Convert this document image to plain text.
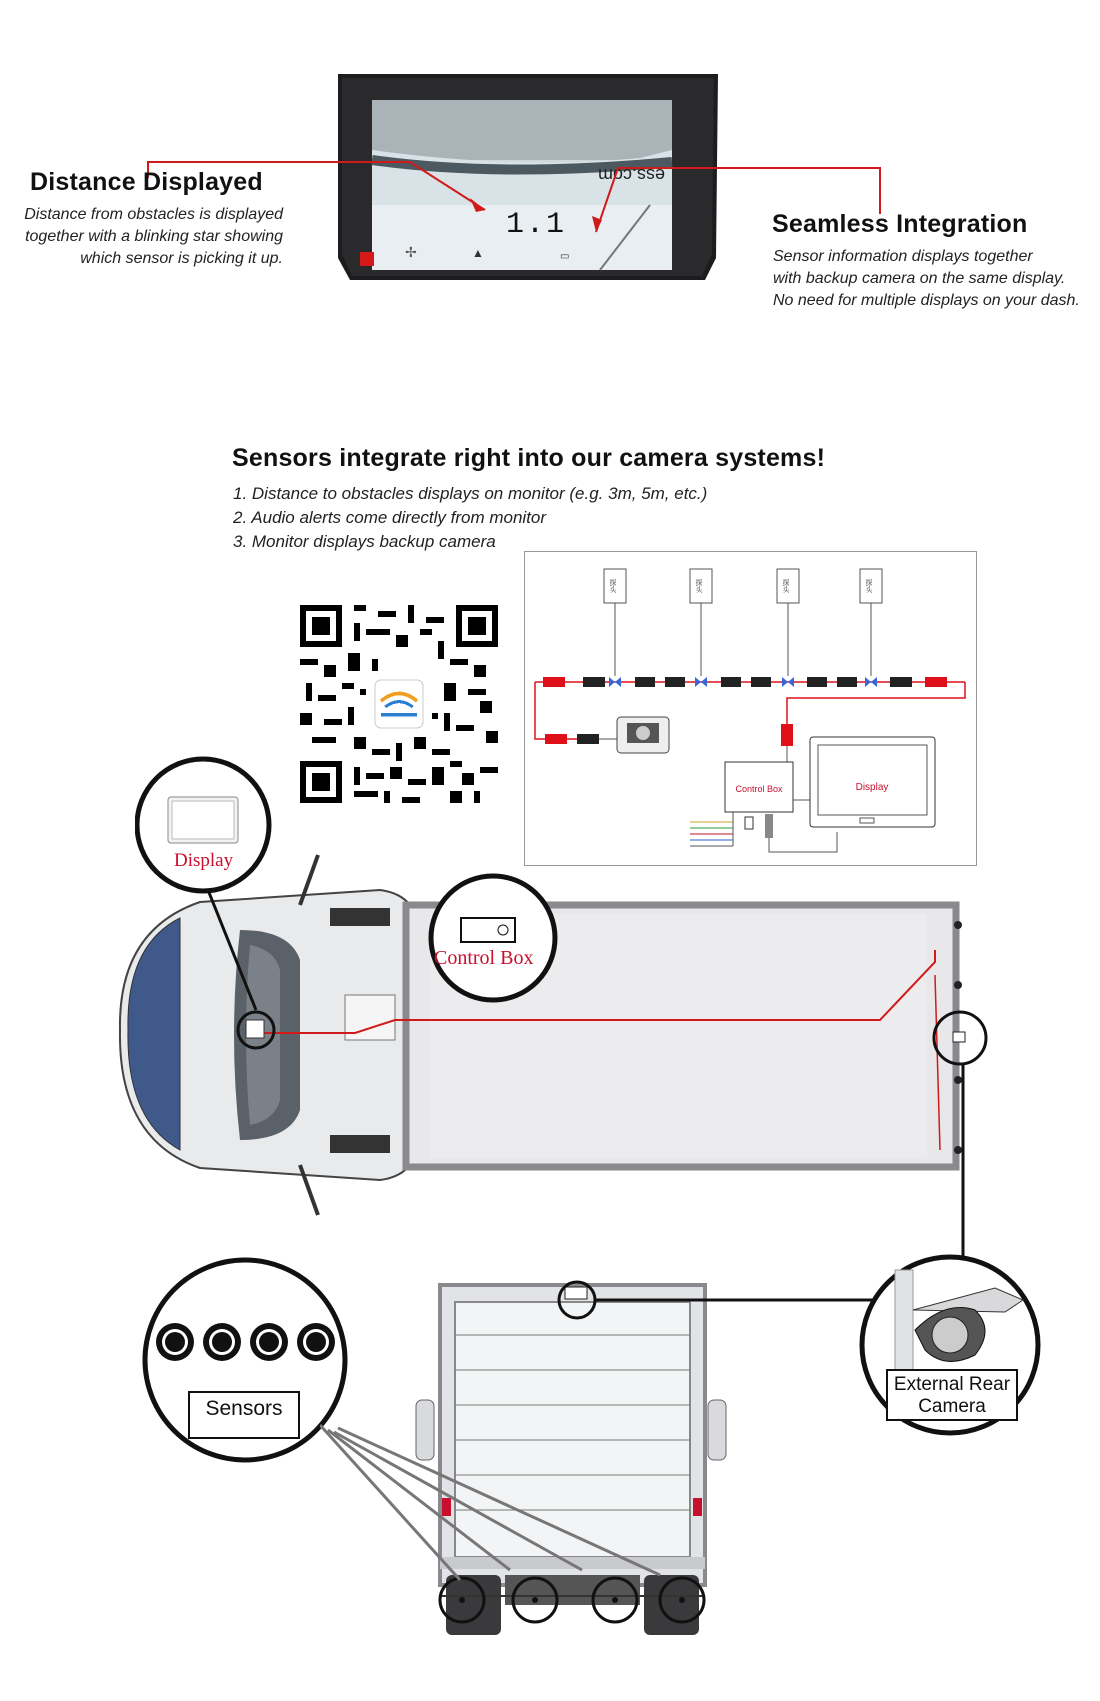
ess.com
1.1
✢	▲	▭
Distance Displayed
Distance from obstacles is displayed
together with a blinking star showing
which sensor is picking it up.
Seamless Integration
Sensor information displays together
with backup camera on the same display.
No need for multiple displays on your dash.
Sensors integrate right into our camera systems!
1. Distance to obstacles displays on monitor (e.g. 3m, 5m, etc.)
2. Audio alerts come directly from monitor
3. Monitor displays backup camera
Control Box	Display
探头	探头	探头	探头
Display
Control Box
Sensors
External Rear
Camera
